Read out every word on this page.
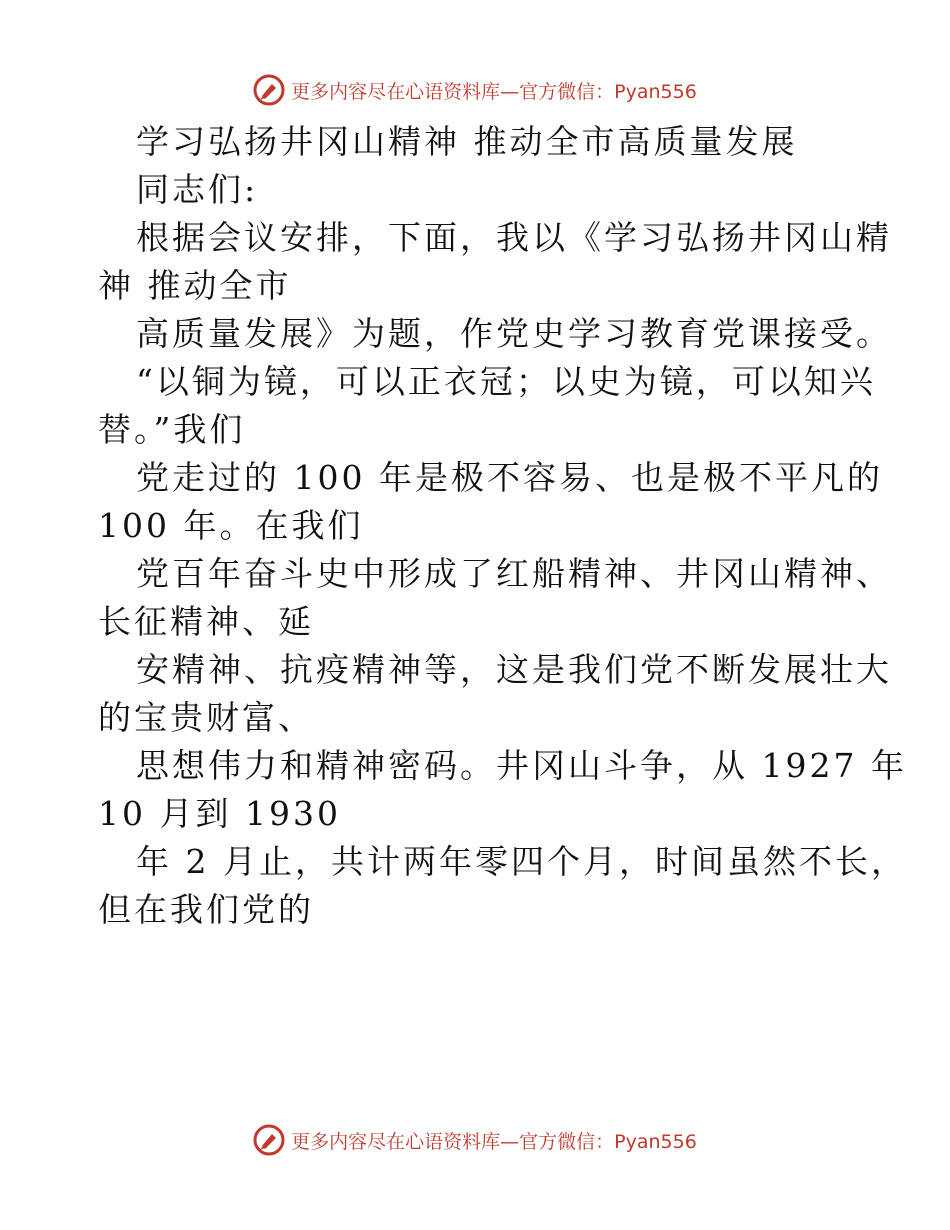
更多内容尽在心语资料库—官方微信：Pyan556
学习弘扬井冈山精神 推动全市高质量发展
同志们:
根据会议安排，下面，我以《学习弘扬井冈山精
神 推动全市
高质量发展》为题，作党史学习教育党课接受。
“以铜为镜，可以正衣冠；以史为镜，可以知兴
替。”我们
党走过的 100 年是极不容易、也是极不平凡的
100 年。在我们
党百年奋斗史中形成了红船精神、井冈山精神、
长征精神、延
安精神、抗疫精神等，这是我们党不断发展壮大
的宝贵财富、
思想伟力和精神密码。井冈山斗争，从 1927 年
10 月到 1930
年 2 月止，共计两年零四个月，时间虽然不长，
但在我们党的
更多内容尽在心语资料库—官方微信：Pyan556
